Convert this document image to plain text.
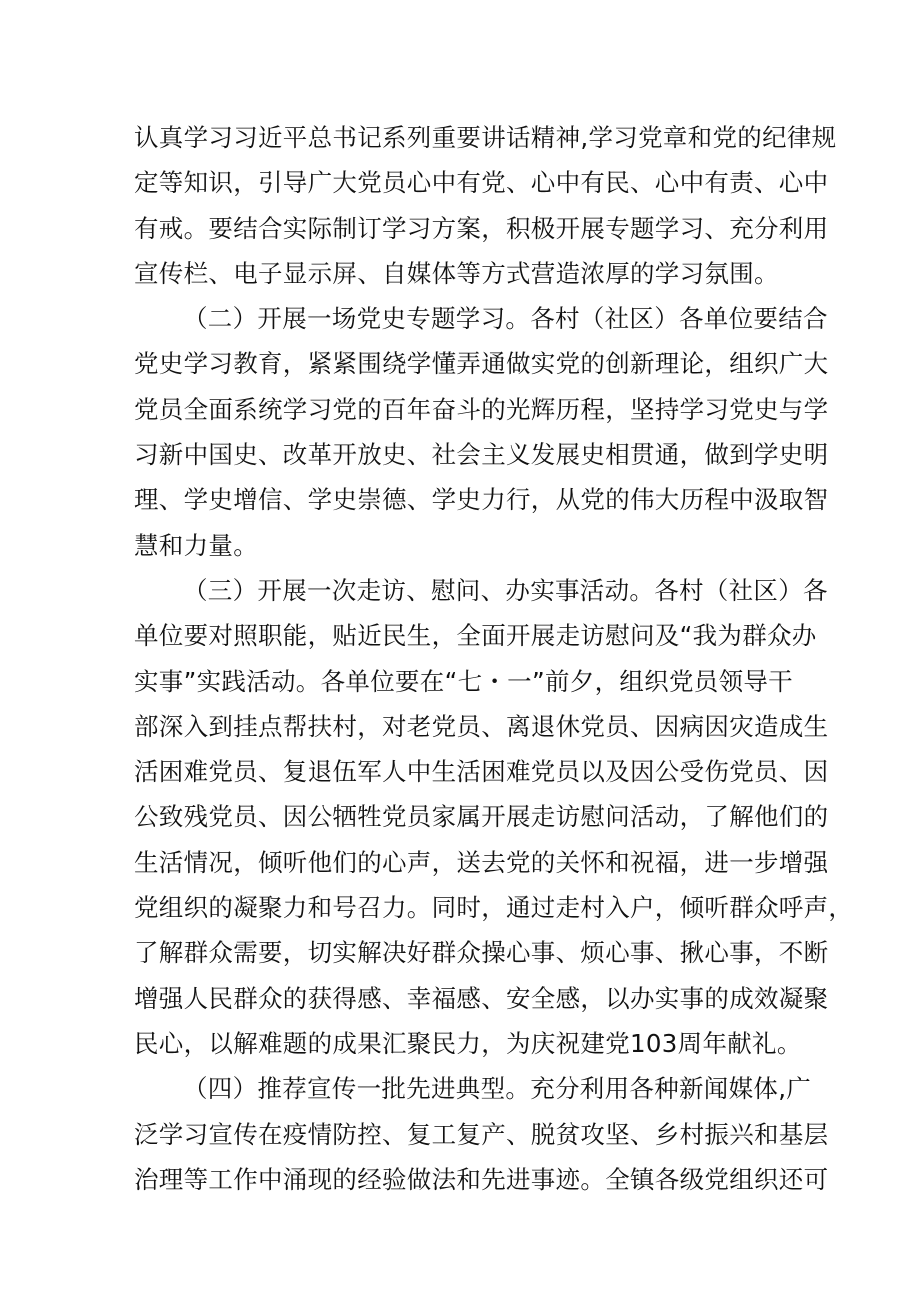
认真学习习近平总书记系列重要讲话精神,学习党章和党的纪律规
定等知识，引导广大党员心中有党、心中有民、心中有责、心中
有戒。要结合实际制订学习方案，积极开展专题学习、充分利用
宣传栏、电子显示屏、自媒体等方式营造浓厚的学习氛围。
（二）开展一场党史专题学习。各村（社区）各单位要结合
党史学习教育，紧紧围绕学懂弄通做实党的创新理论，组织广大
党员全面系统学习党的百年奋斗的光辉历程，坚持学习党史与学
习新中国史、改革开放史、社会主义发展史相贯通，做到学史明
理、学史增信、学史崇德、学史力行，从党的伟大历程中汲取智
慧和力量。
（三）开展一次走访、慰问、办实事活动。各村（社区）各
单位要对照职能，贴近民生，全面开展走访慰问及“我为群众办
实事”实践活动。各单位要在“七・一”前夕，组织党员领导干
部深入到挂点帮扶村，对老党员、离退休党员、因病因灾造成生
活困难党员、复退伍军人中生活困难党员以及因公受伤党员、因
公致残党员、因公牺牲党员家属开展走访慰问活动，了解他们的
生活情况，倾听他们的心声，送去党的关怀和祝福，进一步增强
党组织的凝聚力和号召力。同时，通过走村入户，倾听群众呼声，
了解群众需要，切实解决好群众操心事、烦心事、揪心事，不断
增强人民群众的获得感、幸福感、安全感，以办实事的成效凝聚
民心，以解难题的成果汇聚民力，为庆祝建党103周年献礼。
（四）推荐宣传一批先进典型。充分利用各种新闻媒体,广
泛学习宣传在疫情防控、复工复产、脱贫攻坚、乡村振兴和基层
治理等工作中涌现的经验做法和先进事迹。全镇各级党组织还可
